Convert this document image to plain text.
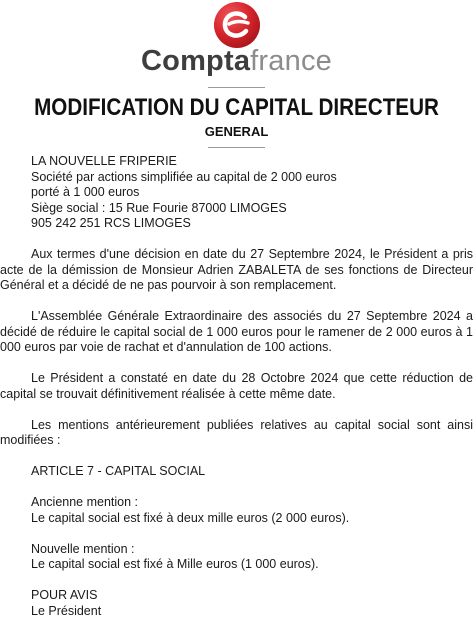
Comptafrance
MODIFICATION DU CAPITAL DIRECTEUR
GENERAL
LA NOUVELLE FRIPERIE
Société par actions simplifiée au capital de 2 000 euros
porté à 1 000 euros
Siège social : 15 Rue Fourie 87000 LIMOGES
905 242 251 RCS LIMOGES

Aux termes d'une décision en date du 27 Septembre 2024, le Président a pris acte de la démission de Monsieur Adrien ZABALETA de ses fonctions de Directeur Général et a décidé de ne pas pourvoir à son remplacement.

L'Assemblée Générale Extraordinaire des associés du 27 Septembre 2024 a décidé de réduire le capital social de 1 000 euros pour le ramener de 2 000 euros à 1 000 euros par voie de rachat et d'annulation de 100 actions.

Le Président a constaté en date du 28 Octobre 2024 que cette réduction de capital se trouvait définitivement réalisée à cette même date.

Les mentions antérieurement publiées relatives au capital social sont ainsi modifiées :

ARTICLE 7 - CAPITAL SOCIAL

Ancienne mention :

Le capital social est fixé à deux mille euros (2 000 euros).

Nouvelle mention :

Le capital social est fixé à Mille euros (1 000 euros).

POUR AVIS

Le Président
